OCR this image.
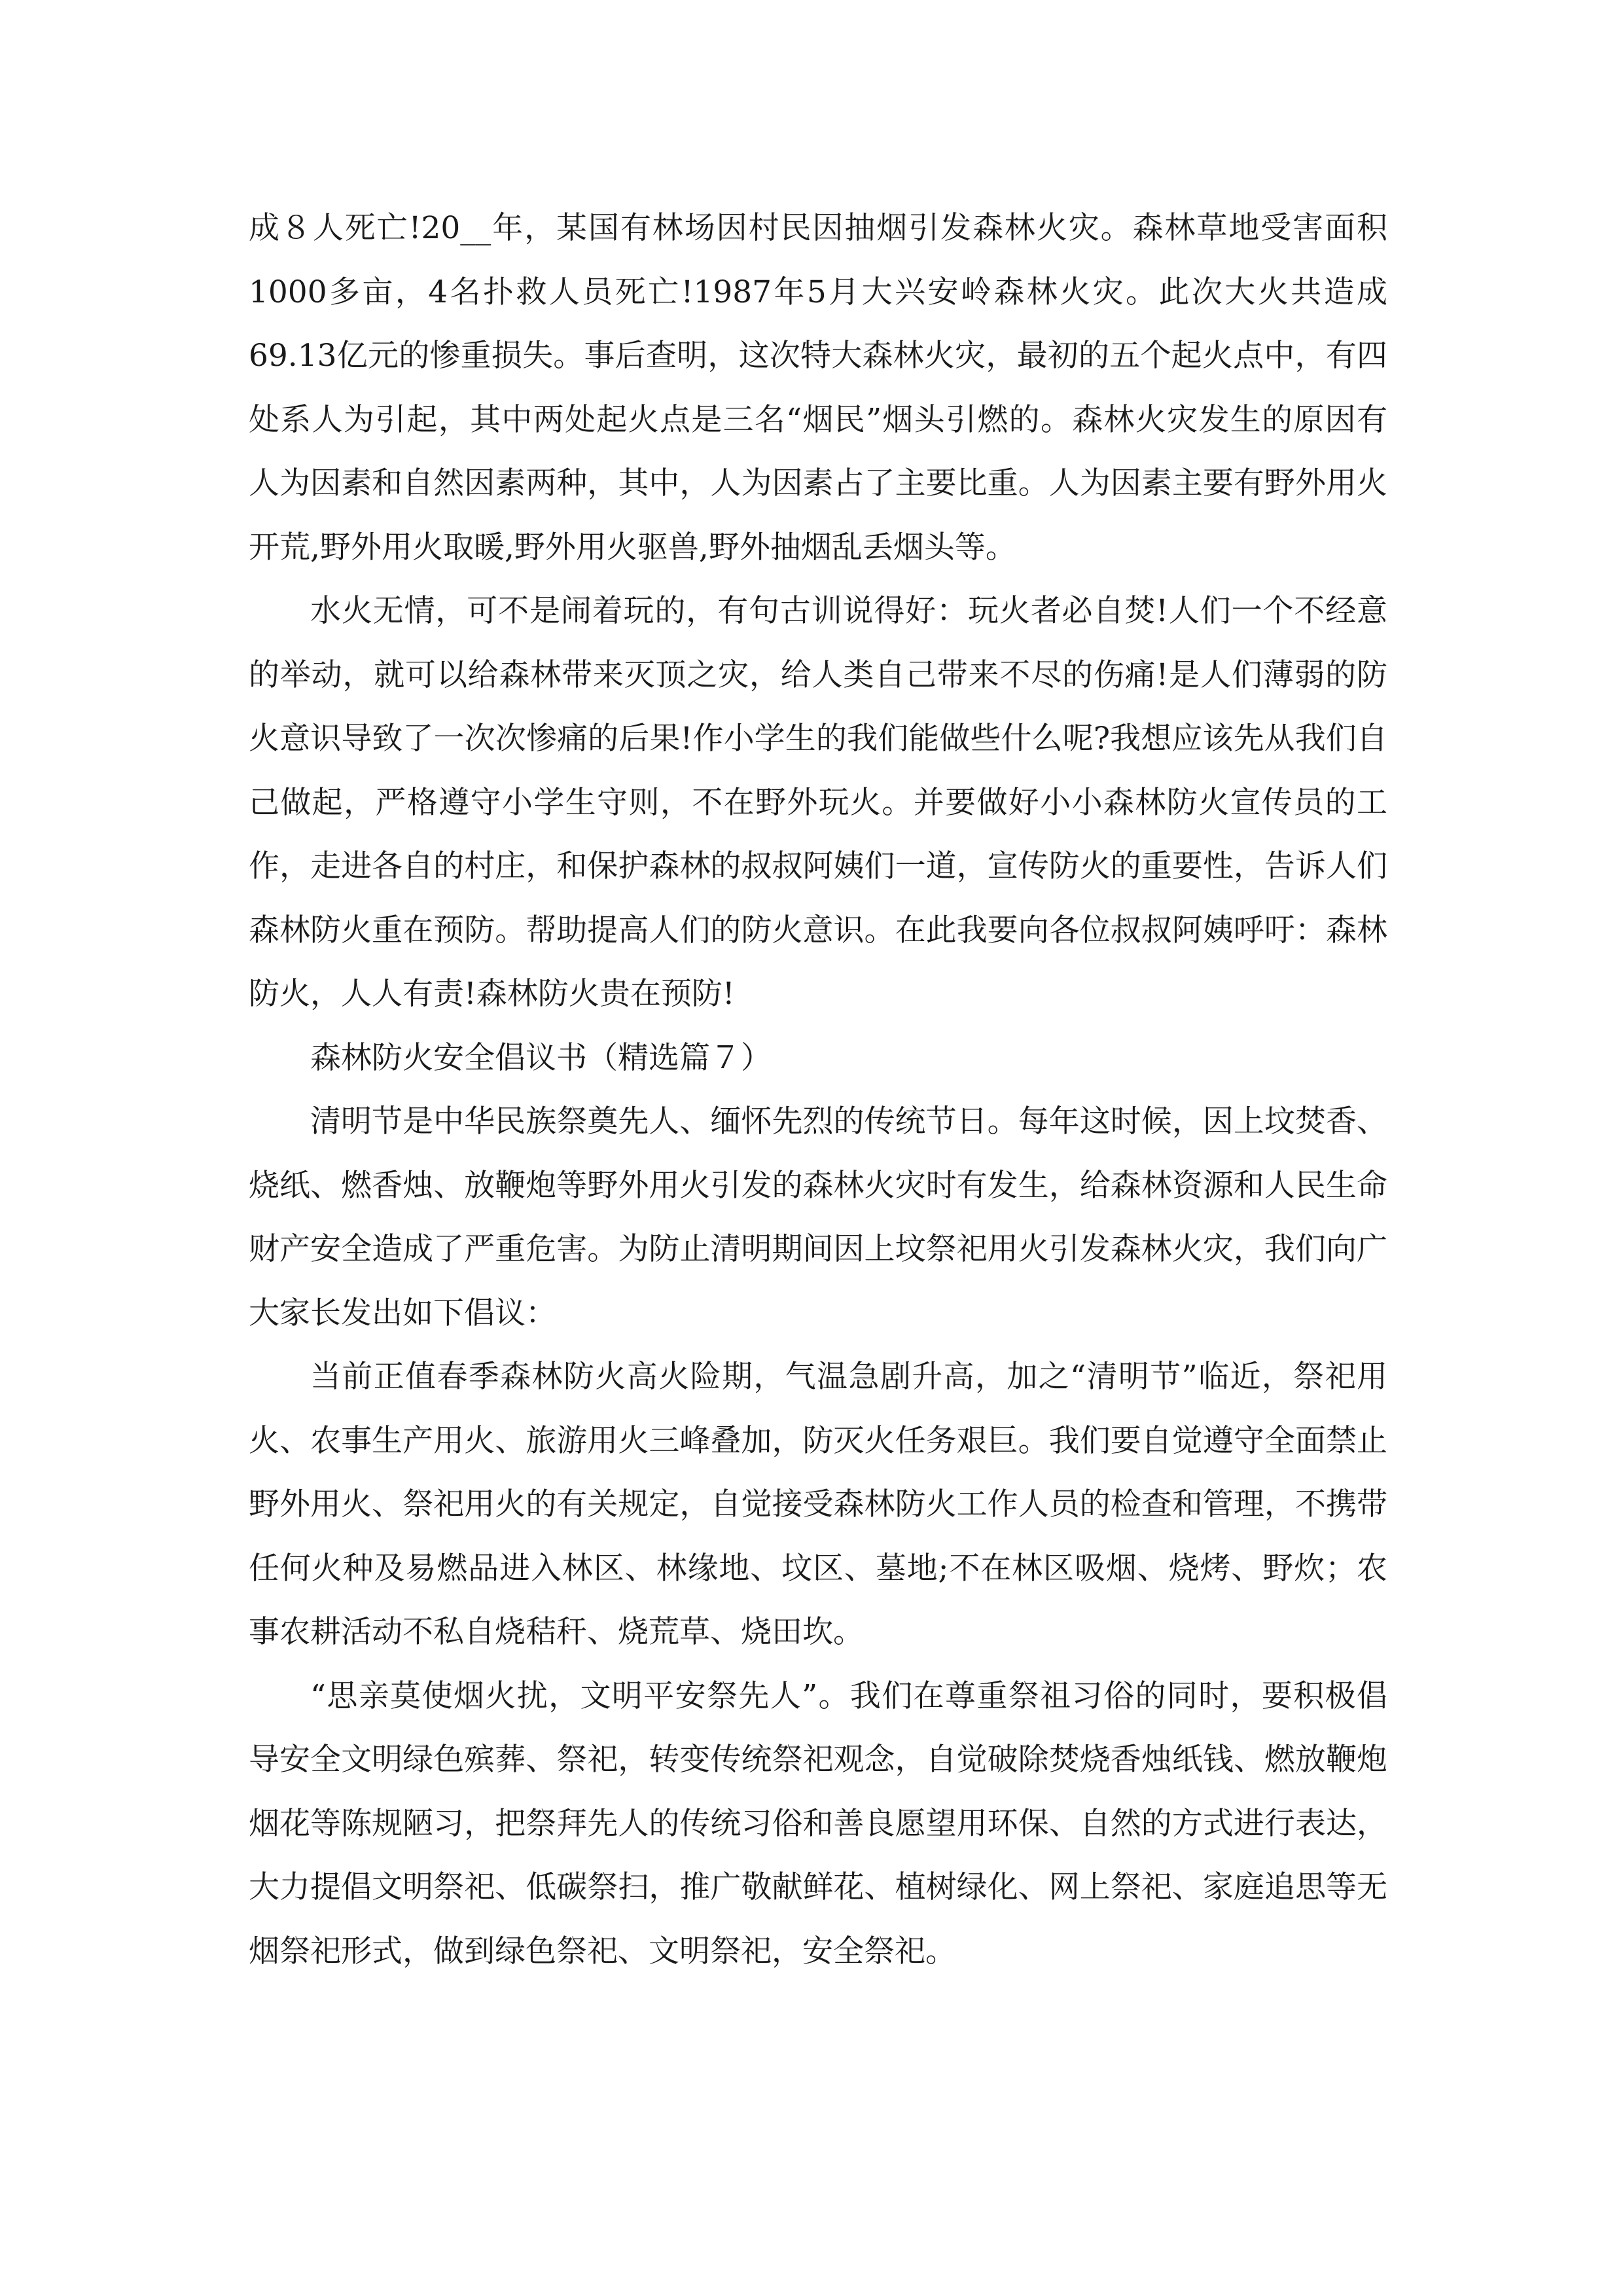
成８人死亡!20__年，某国有林场因村民因抽烟引发森林火灾。森林草地受害面积1000多亩，4名扑救人员死亡!1987年5月大兴安岭森林火灾。此次大火共造成69.13亿元的惨重损失。事后查明，这次特大森林火灾，最初的五个起火点中，有四处系人为引起，其中两处起火点是三名“烟民”烟头引燃的。森林火灾发生的原因有人为因素和自然因素两种，其中，人为因素占了主要比重。人为因素主要有野外用火开荒,野外用火取暖,野外用火驱兽,野外抽烟乱丢烟头等。

水火无情，可不是闹着玩的，有句古训说得好：玩火者必自焚!人们一个不经意的举动，就可以给森林带来灭顶之灾，给人类自己带来不尽的伤痛!是人们薄弱的防火意识导致了一次次惨痛的后果!作小学生的我们能做些什么呢?我想应该先从我们自己做起，严格遵守小学生守则，不在野外玩火。并要做好小小森林防火宣传员的工作，走进各自的村庄，和保护森林的叔叔阿姨们一道，宣传防火的重要性，告诉人们森林防火重在预防。帮助提高人们的防火意识。在此我要向各位叔叔阿姨呼吁：森林防火，人人有责!森林防火贵在预防!

森林防火安全倡议书（精选篇７）

清明节是中华民族祭奠先人、缅怀先烈的传统节日。每年这时候，因上坟焚香、烧纸、燃香烛、放鞭炮等野外用火引发的森林火灾时有发生，给森林资源和人民生命财产安全造成了严重危害。为防止清明期间因上坟祭祀用火引发森林火灾，我们向广大家长发出如下倡议：

当前正值春季森林防火高火险期，气温急剧升高，加之“清明节”临近，祭祀用火、农事生产用火、旅游用火三峰叠加，防灭火任务艰巨。我们要自觉遵守全面禁止野外用火、祭祀用火的有关规定，自觉接受森林防火工作人员的检查和管理，不携带任何火种及易燃品进入林区、林缘地、坟区、墓地;不在林区吸烟、烧烤、野炊；农事农耕活动不私自烧秸秆、烧荒草、烧田坎。

“思亲莫使烟火扰，文明平安祭先人”。我们在尊重祭祖习俗的同时，要积极倡导安全文明绿色殡葬、祭祀，转变传统祭祀观念，自觉破除焚烧香烛纸钱、燃放鞭炮烟花等陈规陋习，把祭拜先人的传统习俗和善良愿望用环保、自然的方式进行表达，大力提倡文明祭祀、低碳祭扫，推广敬献鲜花、植树绿化、网上祭祀、家庭追思等无烟祭祀形式，做到绿色祭祀、文明祭祀，安全祭祀。
